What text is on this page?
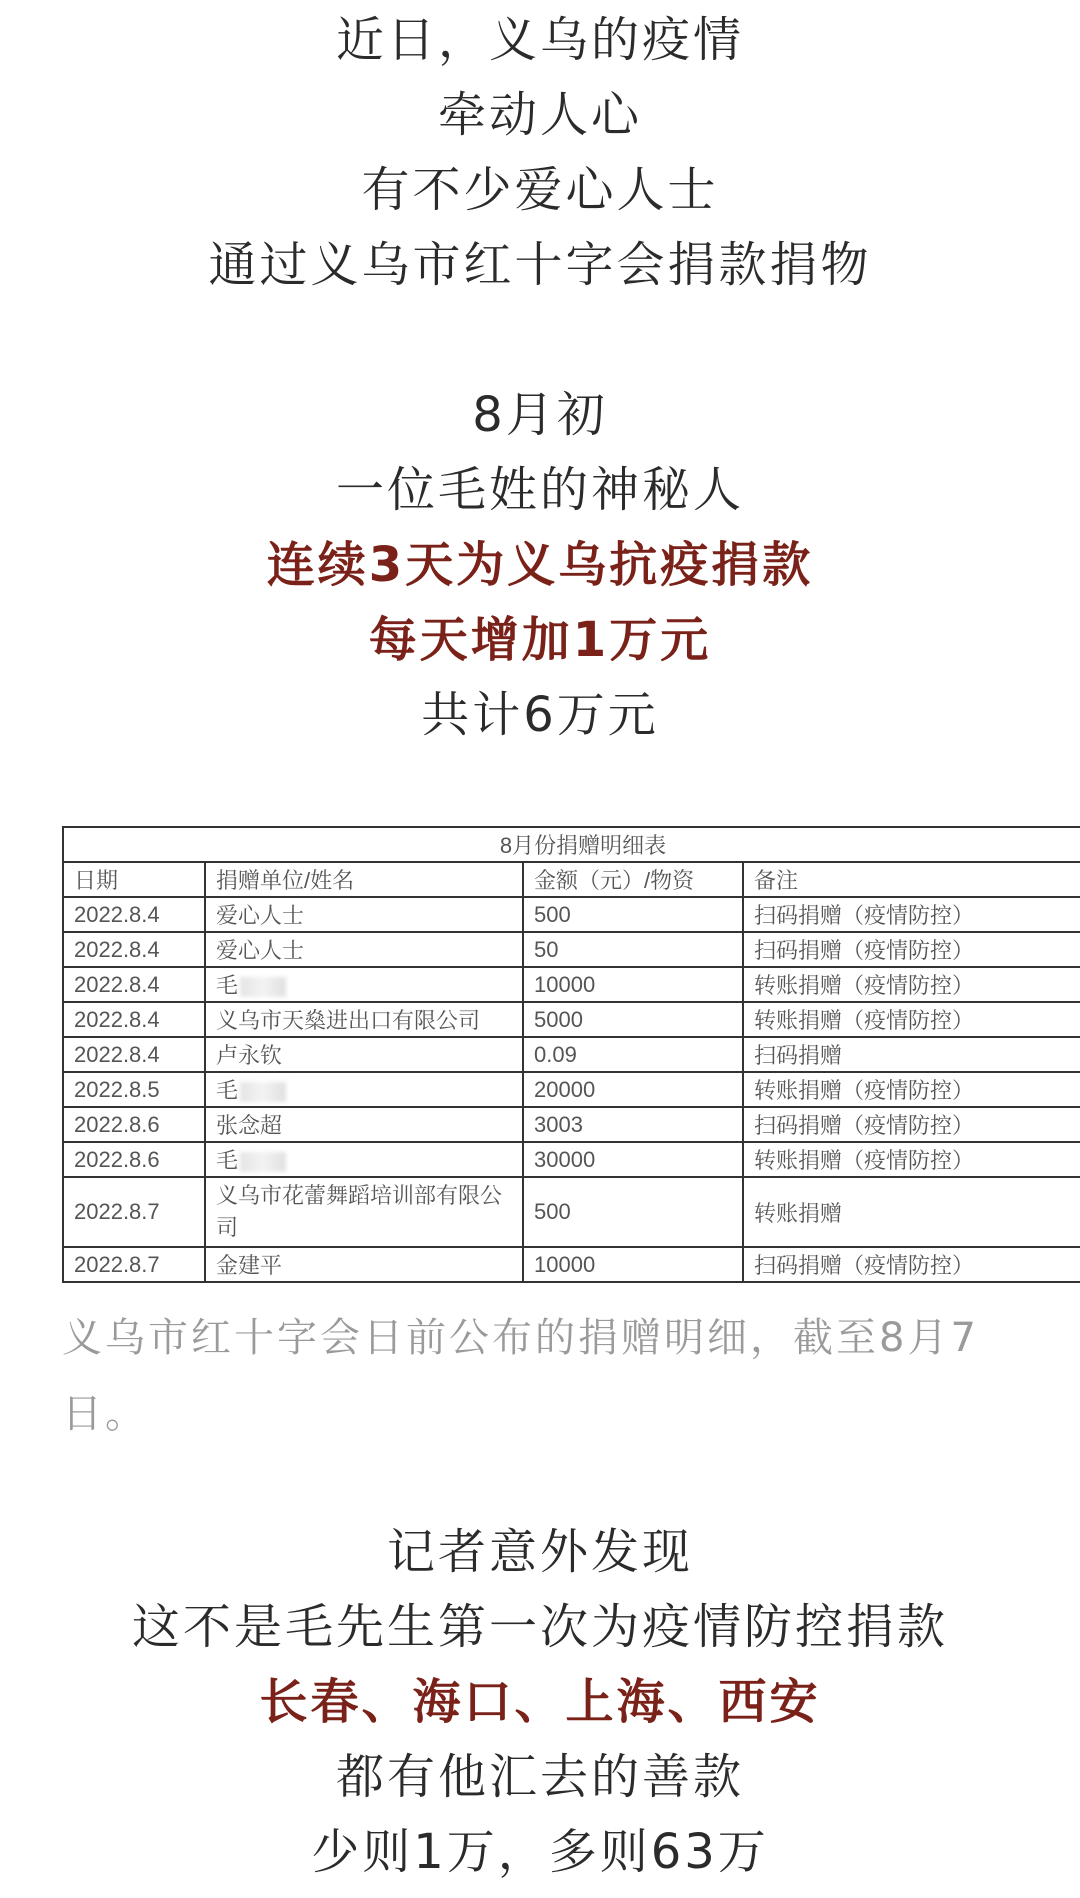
近日，义乌的疫情
牵动人心
有不少爱心人士
通过义乌市红十字会捐款捐物
8月初
一位毛姓的神秘人
连续3天为义乌抗疫捐款
每天增加1万元
共计6万元
8月份捐赠明细表			
日期	捐赠单位/姓名	金额（元）/物资	备注
2022.8.4	爱心人士	500	扫码捐赠（疫情防控）
2022.8.4	爱心人士	50	扫码捐赠（疫情防控）
2022.8.4	毛	10000	转账捐赠（疫情防控）
2022.8.4	义乌市天燊进出口有限公司	5000	转账捐赠（疫情防控）
2022.8.4	卢永钦	0.09	扫码捐赠
2022.8.5	毛	20000	转账捐赠（疫情防控）
2022.8.6	张念超	3003	扫码捐赠（疫情防控）
2022.8.6	毛	30000	转账捐赠（疫情防控）
2022.8.7	义乌市花蕾舞蹈培训部有限公司	500	转账捐赠
2022.8.7	金建平	10000	扫码捐赠（疫情防控）
义乌市红十字会日前公布的捐赠明细，截至8月7日。
记者意外发现
这不是毛先生第一次为疫情防控捐款
长春、海口、上海、西安
都有他汇去的善款
少则1万，多则63万
